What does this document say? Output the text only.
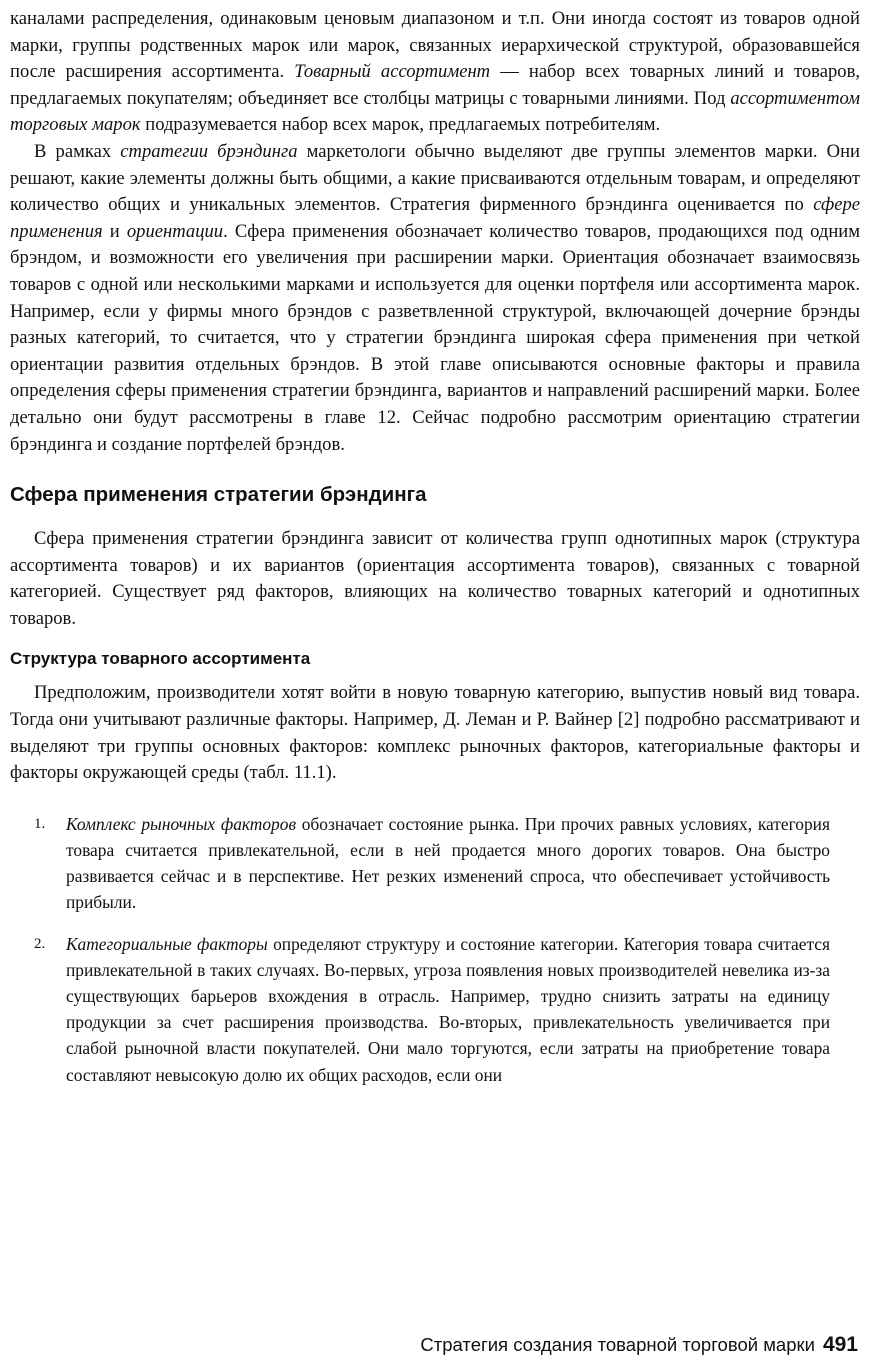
каналами распределения, одинаковым ценовым диапазоном и т.п. Они иногда состоят из товаров одной марки, группы родственных марок или марок, связанных иерархической структурой, образовавшейся после расширения ассортимента. Товарный ассортимент — набор всех товарных линий и товаров, предлагаемых покупателям; объединяет все столбцы матрицы с товарными линиями. Под ассортиментом торговых марок подразумевается набор всех марок, предлагаемых потребителям.

В рамках стратегии брэндинга маркетологи обычно выделяют две группы элементов марки. Они решают, какие элементы должны быть общими, а какие присваиваются отдельным товарам, и определяют количество общих и уникальных элементов. Стратегия фирменного брэндинга оценивается по сфере применения и ориентации. Сфера применения обозначает количество товаров, продающихся под одним брэндом, и возможности его увеличения при расширении марки. Ориентация обозначает взаимосвязь товаров с одной или несколькими марками и используется для оценки портфеля или ассортимента марок. Например, если у фирмы много брэндов с разветвленной структурой, включающей дочерние брэнды разных категорий, то считается, что у стратегии брэндинга широкая сфера применения при четкой ориентации развития отдельных брэндов. В этой главе описываются основные факторы и правила определения сферы применения стратегии брэндинга, вариантов и направлений расширений марки. Более детально они будут рассмотрены в главе 12. Сейчас подробно рассмотрим ориентацию стратегии брэндинга и создание портфелей брэндов.

Сфера применения стратегии брэндинга

Сфера применения стратегии брэндинга зависит от количества групп однотипных марок (структура ассортимента товаров) и их вариантов (ориентация ассортимента товаров), связанных с товарной категорией. Существует ряд факторов, влияющих на количество товарных категорий и однотипных товаров.

Структура товарного ассортимента

Предположим, производители хотят войти в новую товарную категорию, выпустив новый вид товара. Тогда они учитывают различные факторы. Например, Д. Леман и Р. Вайнер [2] подробно рассматривают и выделяют три группы основных факторов: комплекс рыночных факторов, категориальные факторы и факторы окружающей среды (табл. 11.1).

1. Комплекс рыночных факторов обозначает состояние рынка. При прочих равных условиях, категория товара считается привлекательной, если в ней продается много дорогих товаров. Она быстро развивается сейчас и в перспективе. Нет резких изменений спроса, что обеспечивает устойчивость прибыли.
2. Категориальные факторы определяют структуру и состояние категории. Категория товара считается привлекательной в таких случаях. Во-первых, угроза появления новых производителей невелика из-за существующих барьеров вхождения в отрасль. Например, трудно снизить затраты на единицу продукции за счет расширения производства. Во-вторых, привлекательность увеличивается при слабой рыночной власти покупателей. Они мало торгуются, если затраты на приобретение товара составляют невысокую долю их общих расходов, если они
Стратегия создания товарной торговой марки 491
